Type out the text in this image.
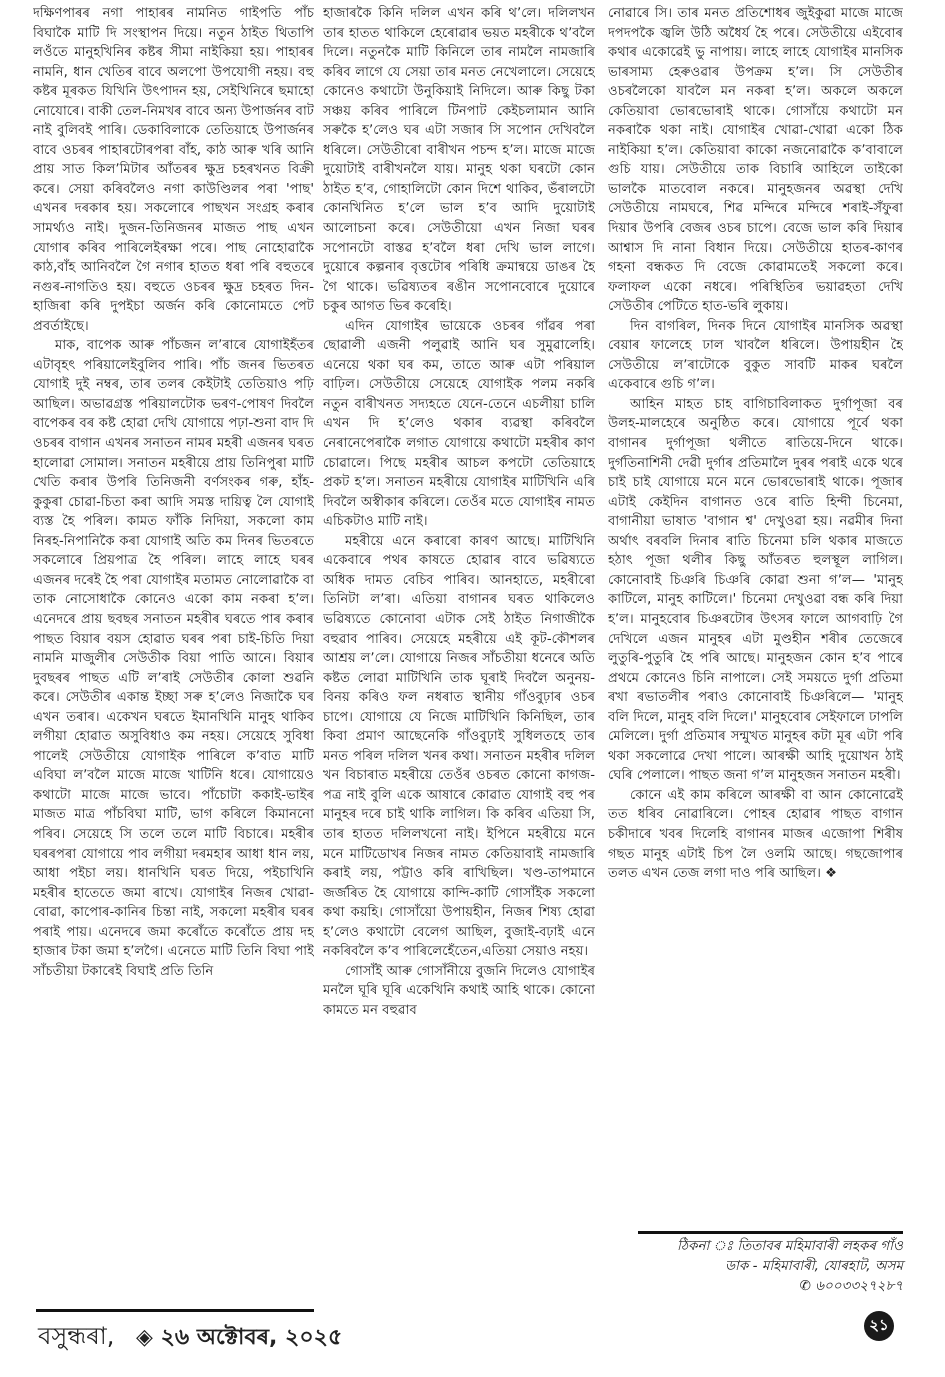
দক্ষিণপাৰৰ নগা পাহাৰৰ নামনিত গাইপতি পাঁচ বিঘাকৈ মাটি দি সংস্থাপন দিয়ে। নতুন ঠাইত থিতাপি লওঁতে মানুহখিনিৰ কষ্টৰ সীমা নাইকিয়া হয়। পাহাৰৰ নামনি, ধান খেতিৰ বাবে অলপো উপযোগী নহয়। বহু কষ্টৰ মূৰকত যিখিনি উৎপাদন হয়, সেইখিনিৰে ছমাহো নোযোৰে। বাকী তেল-নিমখৰ বাবে অন্য উপাৰ্জনৰ বাট নাই বুলিবই পাৰি। ডেকাবিলাকে তেতিয়াহে উপাৰ্জনৰ বাবে ওচৰৰ পাহাৰটোৰপৰা বাঁহ, কাঠ আৰু খৰি আনি প্ৰায় সাত কিলʼমিটাৰ আঁতৰৰ ক্ষুদ্ৰ চহৰখনত বিক্ৰী কৰে। সেয়া কৰিবলৈও নগা কাউণ্ডিলৰ পৰা 'পাছ' এখনৰ দৰকাৰ হয়। সকলোৰে পাছখন সংগ্ৰহ কৰাৰ সামৰ্থ্যও নাই। দুজন-তিনিজনৰ মাজত পাছ এখন যোগাৰ কৰিব পাৰিলেইৰক্ষা পৰে। পাছ নোহোৱাকৈ কাঠ,বাঁহ আনিবলৈ গৈ নগাৰ হাতত ধৰা পৰি বহুতৰে নগুৰ-নাগতিও হয়। বহুতে ওচৰৰ ক্ষুদ্ৰ চহৰত দিন-হাজিৰা কৰি দুপইচা অৰ্জন কৰি কোনোমতে পেট প্ৰবৰ্তাইছে।

মাক, বাপেক আৰু পাঁচজন লʼৰাৰে যোগাইহঁতৰ এটাবৃহৎ পৰিয়ালেইবুলিব পাৰি। পাঁচ জনৰ ভিতৰত যোগাই দুই নম্বৰ, তাৰ তলৰ কেইটাই তেতিয়াও পঢ়ি আছিল। অভাৱগ্ৰস্ত পৰিয়ালটোক ভৰণ-পোষণ দিবলৈ বাপেকৰ বৰ কষ্ট হোৱা দেখি যোগায়ে পঢ়া-শুনা বাদ দি ওচৰৰ বাগান এখনৰ সনাতন নামৰ মহৰী এজনৰ ঘৰত হালোৱা সোমাল। সনাতন মহৰীয়ে প্ৰায় তিনিপুৰা মাটি খেতি কৰাৰ উপৰি তিনিজনী বৰ্ণসংকৰ গৰু, হাঁহ-কুকুৰা চোৱা-চিতা কৰা আদি সমস্ত দায়িত্ব লৈ যোগাই ব্যস্ত হৈ পৰিল। কামত ফাঁকি নিদিয়া, সকলো কাম নিৰহ-নিপানিকৈ কৰা যোগাই অতি কম দিনৰ ভিতৰতে সকলোৰে প্ৰিয়পাত্ৰ হৈ পৰিল। লাহে লাহে ঘৰৰ এজনৰ দৰেই হৈ পৰা যোগাইৰ মতামত নোলোৱাকৈ বা তাক নোসোধাকৈ কোনেও একো কাম নকৰা হʼল। এনেদৰে প্ৰায় ছবছৰ সনাতন মহৰীৰ ঘৰতে পাৰ কৰাৰ পাছত বিয়াৰ বয়স হোৱাত ঘৰৰ পৰা চাই-চিতি দিয়া নামনি মাজুলীৰ সেউতীক বিয়া পাতি আনে। বিয়াৰ দুবছৰৰ পাছত এটি লʼৰাই সেউতীৰ কোলা শুৱনি কৰে। সেউতীৰ একান্ত ইচ্ছা সৰু হʼলেও নিজাকৈ ঘৰ এখন তৰাৰ। একেখন ঘৰতে ইমানখিনি মানুহ থাকিব লগীয়া হোৱাত অসুবিধাও কম নহয়। সেয়েহে সুবিধা পালেই সেউতীয়ে যোগাইক পাৰিলে কʼবাত মাটি এবিঘা লʼবলৈ মাজে মাজে খাটিনি ধৰে। যোগায়েও কথাটো মাজে মাজে ভাবে। পাঁচোটা ককাই-ভাইৰ মাজত মাত্ৰ পাঁচবিঘা মাটি, ভাগ কৰিলে কিমাননো পৰিব। সেয়েহে সি তলে তলে মাটি বিচাৰে। মহৰীৰ ঘৰৰপৰা যোগায়ে পাব লগীয়া দৰমহাৰ আধা ধান লয়, আধা পইচা লয়। ধানখিনি ঘৰত দিয়ে, পইচাখিনি মহৰীৰ হাতেতে জমা ৰাখে। যোগাইৰ নিজৰ খোৱা-বোৱা, কাপোৰ-কানিৰ চিন্তা নাই, সকলো মহৰীৰ ঘৰৰ পৰাই পায়। এনেদৰে জমা কৰোঁতে কৰোঁতে প্ৰায় দহ হাজাৰ টকা জমা হʼলগৈ। এনেতে মাটি তিনি বিঘা পাই সাঁচতীয়া টকাৰেই বিঘাই প্ৰতি তিনি

হাজাৰকৈ কিনি দলিল এখন কৰি থʼলে। দলিলখন তাৰ হাতত থাকিলে হেৰোৱাৰ ভয়ত মহৰীকে থʼবলৈ দিলে। নতুনকৈ মাটি কিনিলে তাৰ নামলৈ নামজাৰি কৰিব লাগে যে সেয়া তাৰ মনত নেখেলালে। সেয়েহে কোনেও কথাটো উনুকিয়াই নিদিলে। আৰু কিছু টকা সঞ্চয় কৰিব পাৰিলে টিনপাট কেইচলামান আনি সৰুকৈ হʼলেও ঘৰ এটা সজাৰ সি সপোন দেখিবলৈ ধৰিলে। সেউতীৰো বাৰীখন পচন্দ হʼল। মাজে মাজে দুয়োটাই বাৰীখনলৈ যায়। মানুহ থকা ঘৰটো কোন ঠাইত হʼব, গোহালিটো কোন দিশে থাকিব, ভঁৰালটো কোনখিনিত হʼলে ভাল হʼব আদি দুয়োটাই আলোচনা কৰে। সেউতীয়ো এখন নিজা ঘৰৰ সপোনটো বাস্তৱ হʼবলৈ ধৰা দেখি ভাল লাগে। দুয়োৰে কল্পনাৰ বৃত্তটোৰ পৰিধি ক্ৰমান্বয়ে ডাঙৰ হৈ গৈ থাকে। ভৱিষ্যতৰ ৰঙীন সপোনবোৰে দুয়োৰে চকুৰ আগত ভিৰ কৰেহি।

এদিন যোগাইৰ ভায়েকে ওচৰৰ গাঁৱৰ পৰা ছোৱালী এজনী পলুৱাই আনি ঘৰ সুমুৱালেহি। এনেয়ে থকা ঘৰ কম, তাতে আৰু এটা পৰিয়াল বাঢ়িল। সেউতীয়ে সেয়েহে যোগাইক পলম নকৰি নতুন বাৰীখনত সদ্যহতে যেনে-তেনে এচলীয়া চালি এখন দি হʼলেও থকাৰ ব্যৱস্থা কৰিবলৈ নেৰানেপেৰাকৈ লগাত যোগায়ে কথাটো মহৰীৰ কাণ চোৱালে। পিছে মহৰীৰ আচল কপটো তেতিয়াহে প্ৰকট হʼল। সনাতন মহৰীয়ে যোগাইৰ মাটিখিনি এৰি দিবলৈ অস্বীকাৰ কৰিলে। তেওঁৰ মতে যোগাইৰ নামত এচিকটাও মাটি নাই।

মহৰীয়ে এনে কৰাৰো কাৰণ আছে। মাটিখিনি একেবাৰে পথৰ কাষতে হোৱাৰ বাবে ভৱিষ্যতে অধিক দামত বেচিব পাৰিব। আনহাতে, মহৰীৰো তিনিটা লʼৰা। এতিয়া বাগানৰ ঘৰত থাকিলেও ভৱিষ্যতে কোনোবা এটাক সেই ঠাইত নিগাজীকৈ বহুৱাব পাৰিব। সেয়েহে মহৰীয়ে এই কূট-কৌশলৰ আশ্ৰয় লʼলে। যোগায়ে নিজৰ সাঁচতীয়া ধনেৰে অতি কষ্টত লোৱা মাটিখিনি তাক ঘূৰাই দিবলৈ অনুনয়-বিনয় কৰিও ফল নধৰাত স্থানীয় গাঁওবুঢ়াৰ ওচৰ চাপে। যোগায়ে যে নিজে মাটিখিনি কিনিছিল, তাৰ কিবা প্ৰমাণ আছেনেকি গাঁওবুঢ়াই সুধিলতহে তাৰ মনত পৰিল দলিল খনৰ কথা। সনাতন মহৰীৰ দলিল খন বিচাৰাত মহৰীয়ে তেওঁৰ ওচৰত কোনো কাগজ-পত্ৰ নাই বুলি একে আষাৰে কোৱাত যোগাই বহু পৰ মানুহৰ দৰে চাই থাকি লাগিল। কি কৰিব এতিয়া সি, তাৰ হাতত দলিলখনো নাই। ইপিনে মহৰীয়ে মনে মনে মাটিডোখৰ নিজৰ নামত কেতিয়াবাই নামজাৰি কৰাই লয়, পট্টাও কৰি ৰাখিছিল। খণ্ড-তাপমানে জৰ্জৰিত হৈ যোগায়ে কান্দি-কাটি গোসাঁইক সকলো কথা কয়হি। গোসাঁয়ো উপায়হীন, নিজৰ শিষ্য হোৱা হʼলেও কথাটো বেলেগ আছিল, বুজাই-বঢ়াই এনে নকৰিবলৈ কʼব পাৰিলেহেঁতেন,এতিয়া সেয়াও নহয়।

গোসাঁই আৰু গোসাঁনীয়ে বুজনি দিলেও যোগাইৰ মনলৈ ঘূৰি ঘূৰি একেখিনি কথাই আহি থাকে। কোনো কামতে মন বহুৱাব

নোৱাৰে সি। তাৰ মনত প্ৰতিশোধৰ জুইকুৱা মাজে মাজে দপদপকৈ জ্বলি উঠি অধৈৰ্য হৈ পৰে। সেউতীয়ে এইবোৰ কথাৰ একোৱেই ভু নাপায়। লাহে লাহে যোগাইৰ মানসিক ভাৰসাম্য হেৰুওৱাৰ উপক্ৰম হʼল। সি সেউতীৰ ওচৰলৈকো যাবলৈ মন নকৰা হʼল। অকলে অকলে কেতিয়াবা ভোৰভোৰাই থাকে। গোসাঁয়ে কথাটো মন নকৰাকৈ থকা নাই। যোগাইৰ খোৱা-খোৱা একো ঠিক নাইকিয়া হʼল। কেতিয়াবা কাকো নজনোৱাকৈ কʼবাবালে গুচি যায়। সেউতীয়ে তাক বিচাৰি আহিলে তাইকো ভালকৈ মাতবোল নকৰে। মানুহজনৰ অৱস্থা দেখি সেউতীয়ে নামঘৰে, শিৱ মন্দিৰে মন্দিৰে শৰাই-সঁফুৰা দিয়াৰ উপৰি বেজৰ ওচৰ চাপে। বেজে ভাল কৰি দিয়াৰ আশ্বাস দি নানা বিধান দিয়ে। সেউতীয়ে হাতৰ-কাণৰ গহনা বন্ধকত দি বেজে কোৱামতেই সকলো কৰে। ফলাফল একো নধৰে। পৰিস্থিতিৰ ভয়াৱহতা দেখি সেউতীৰ পেটিতে হাত-ভৰি লুকায়।

দিন বাগৰিল, দিনক দিনে যোগাইৰ মানসিক অৱস্থা বেয়াৰ ফালেহে ঢাল খাবলৈ ধৰিলে। উপায়হীন হৈ সেউতীয়ে লʼৰাটোকে বুকুত সাবটি মাকৰ ঘৰলৈ একেবাৰে গুচি গʼল।

আহিন মাহত চাহ বাগিচাবিলাকত দুৰ্গাপূজা বৰ উলহ-মালহেৰে অনুষ্ঠিত কৰে। যোগায়ে পূৰ্বে থকা বাগানৰ দুৰ্গাপূজা থলীতে ৰাতিয়ে-দিনে থাকে। দুৰ্গতিনাশিনী দেৱী দুৰ্গাৰ প্ৰতিমালৈ দুৰৰ পৰাই একে থৰে চাই চাই যোগায়ে মনে মনে ভোৰভোৰাই থাকে। পূজাৰ এটাই কেইদিন বাগানত ওৰে ৰাতি হিন্দী চিনেমা, বাগানীয়া ভাষাত 'বাগান শ্ব' দেখুওৱা হয়। নৱমীৰ দিনা অৰ্থাৎ বৰবলি দিনাৰ ৰাতি চিনেমা চলি থকাৰ মাজতে হঠাৎ পূজা থলীৰ কিছু আঁতৰত হুলস্থূল লাগিল। কোনোবাই চিঞৰি চিঞৰি কোৱা শুনা গʼল— 'মানুহ কাটিলে, মানুহ কাটিলে।' চিনেমা দেখুওৱা বন্ধ কৰি দিয়া হʼল। মানুহবোৰ চিঞৰটোৰ উৎসৰ ফালে আগবাঢ়ি গৈ দেখিলে এজন মানুহৰ এটা মুণ্ডহীন শৰীৰ তেজেৰে লুতুৰি-পুতুৰি হৈ পৰি আছে। মানুহজন কোন হʼব পাৰে প্ৰথমে কোনেও চিনি নাপালে। সেই সময়তে দুৰ্গা প্ৰতিমা ৰখা ৰভাতলীৰ পৰাও কোনোবাই চিঞৰিলে— 'মানুহ বলি দিলে, মানুহ বলি দিলে।' মানুহবোৰ সেইফালে ঢাপলি মেলিলে। দুৰ্গা প্ৰতিমাৰ সন্মুখত মানুহৰ কটা মূৰ এটা পৰি থকা সকলোৱে দেখা পালে। আৰক্ষী আহি দুয়োখন ঠাই ঘেৰি পেলালে। পাছত জনা গʼল মানুহজন সনাতন মহৰী।

কোনে এই কাম কৰিলে আৰক্ষী বা আন কোনোৱেই তত ধৰিব নোৱাৰিলে। পোহৰ হোৱাৰ পাছত বাগান চকীদাৰে খবৰ দিলেহি বাগানৰ মাজৰ এজোপা শিৰীষ গছত মানুহ এটাই চিপ লৈ ওলমি আছে। গছজোপাৰ তলত এখন তেজ লগা দাও পৰি আছিল। ❖

ঠিকনা ঃ তিতাবৰ মহিমাবাৰী লহকৰ গাঁও
ডাক - মহিমাবাৰী, যোৰহাট, অসম
✆ ৬০০৩৩২৭২৮৭
বসুন্ধৰা, ◈ ২৬ অক্টোবৰ, ২০২৫
২১
